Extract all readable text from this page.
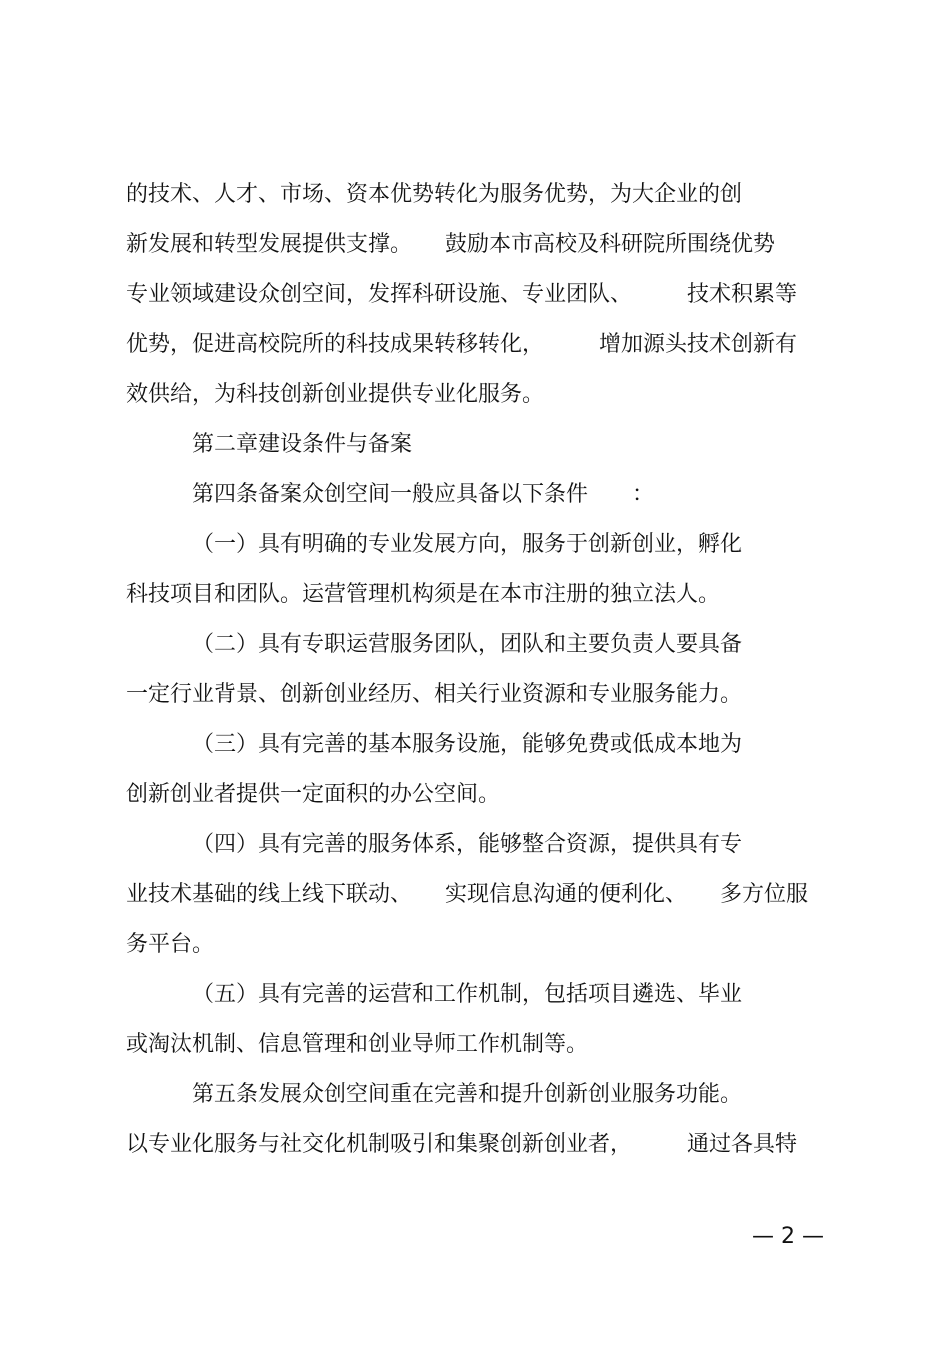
的技术、人才、市场、资本优势转化为服务优势，为大企业的创
新发展和转型发展提供支撑。　　鼓励本市高校及科研院所围绕优势
专业领域建设众创空间，发挥科研设施、专业团队、　　　技术积累等
优势，促进高校院所的科技成果转移转化，　　　增加源头技术创新有
效供给，为科技创新创业提供专业化服务。
第二章建设条件与备案
第四条备案众创空间一般应具备以下条件　　：
（一）具有明确的专业发展方向，服务于创新创业，孵化
科技项目和团队。运营管理机构须是在本市注册的独立法人。
（二）具有专职运营服务团队，团队和主要负责人要具备
一定行业背景、创新创业经历、相关行业资源和专业服务能力。
（三）具有完善的基本服务设施，能够免费或低成本地为
创新创业者提供一定面积的办公空间。
（四）具有完善的服务体系，能够整合资源，提供具有专
业技术基础的线上线下联动、　　实现信息沟通的便利化、　　多方位服
务平台。
（五）具有完善的运营和工作机制，包括项目遴选、毕业
或淘汰机制、信息管理和创业导师工作机制等。
第五条发展众创空间重在完善和提升创新创业服务功能。
以专业化服务与社交化机制吸引和集聚创新创业者，　　　通过各具特
— 2 —
